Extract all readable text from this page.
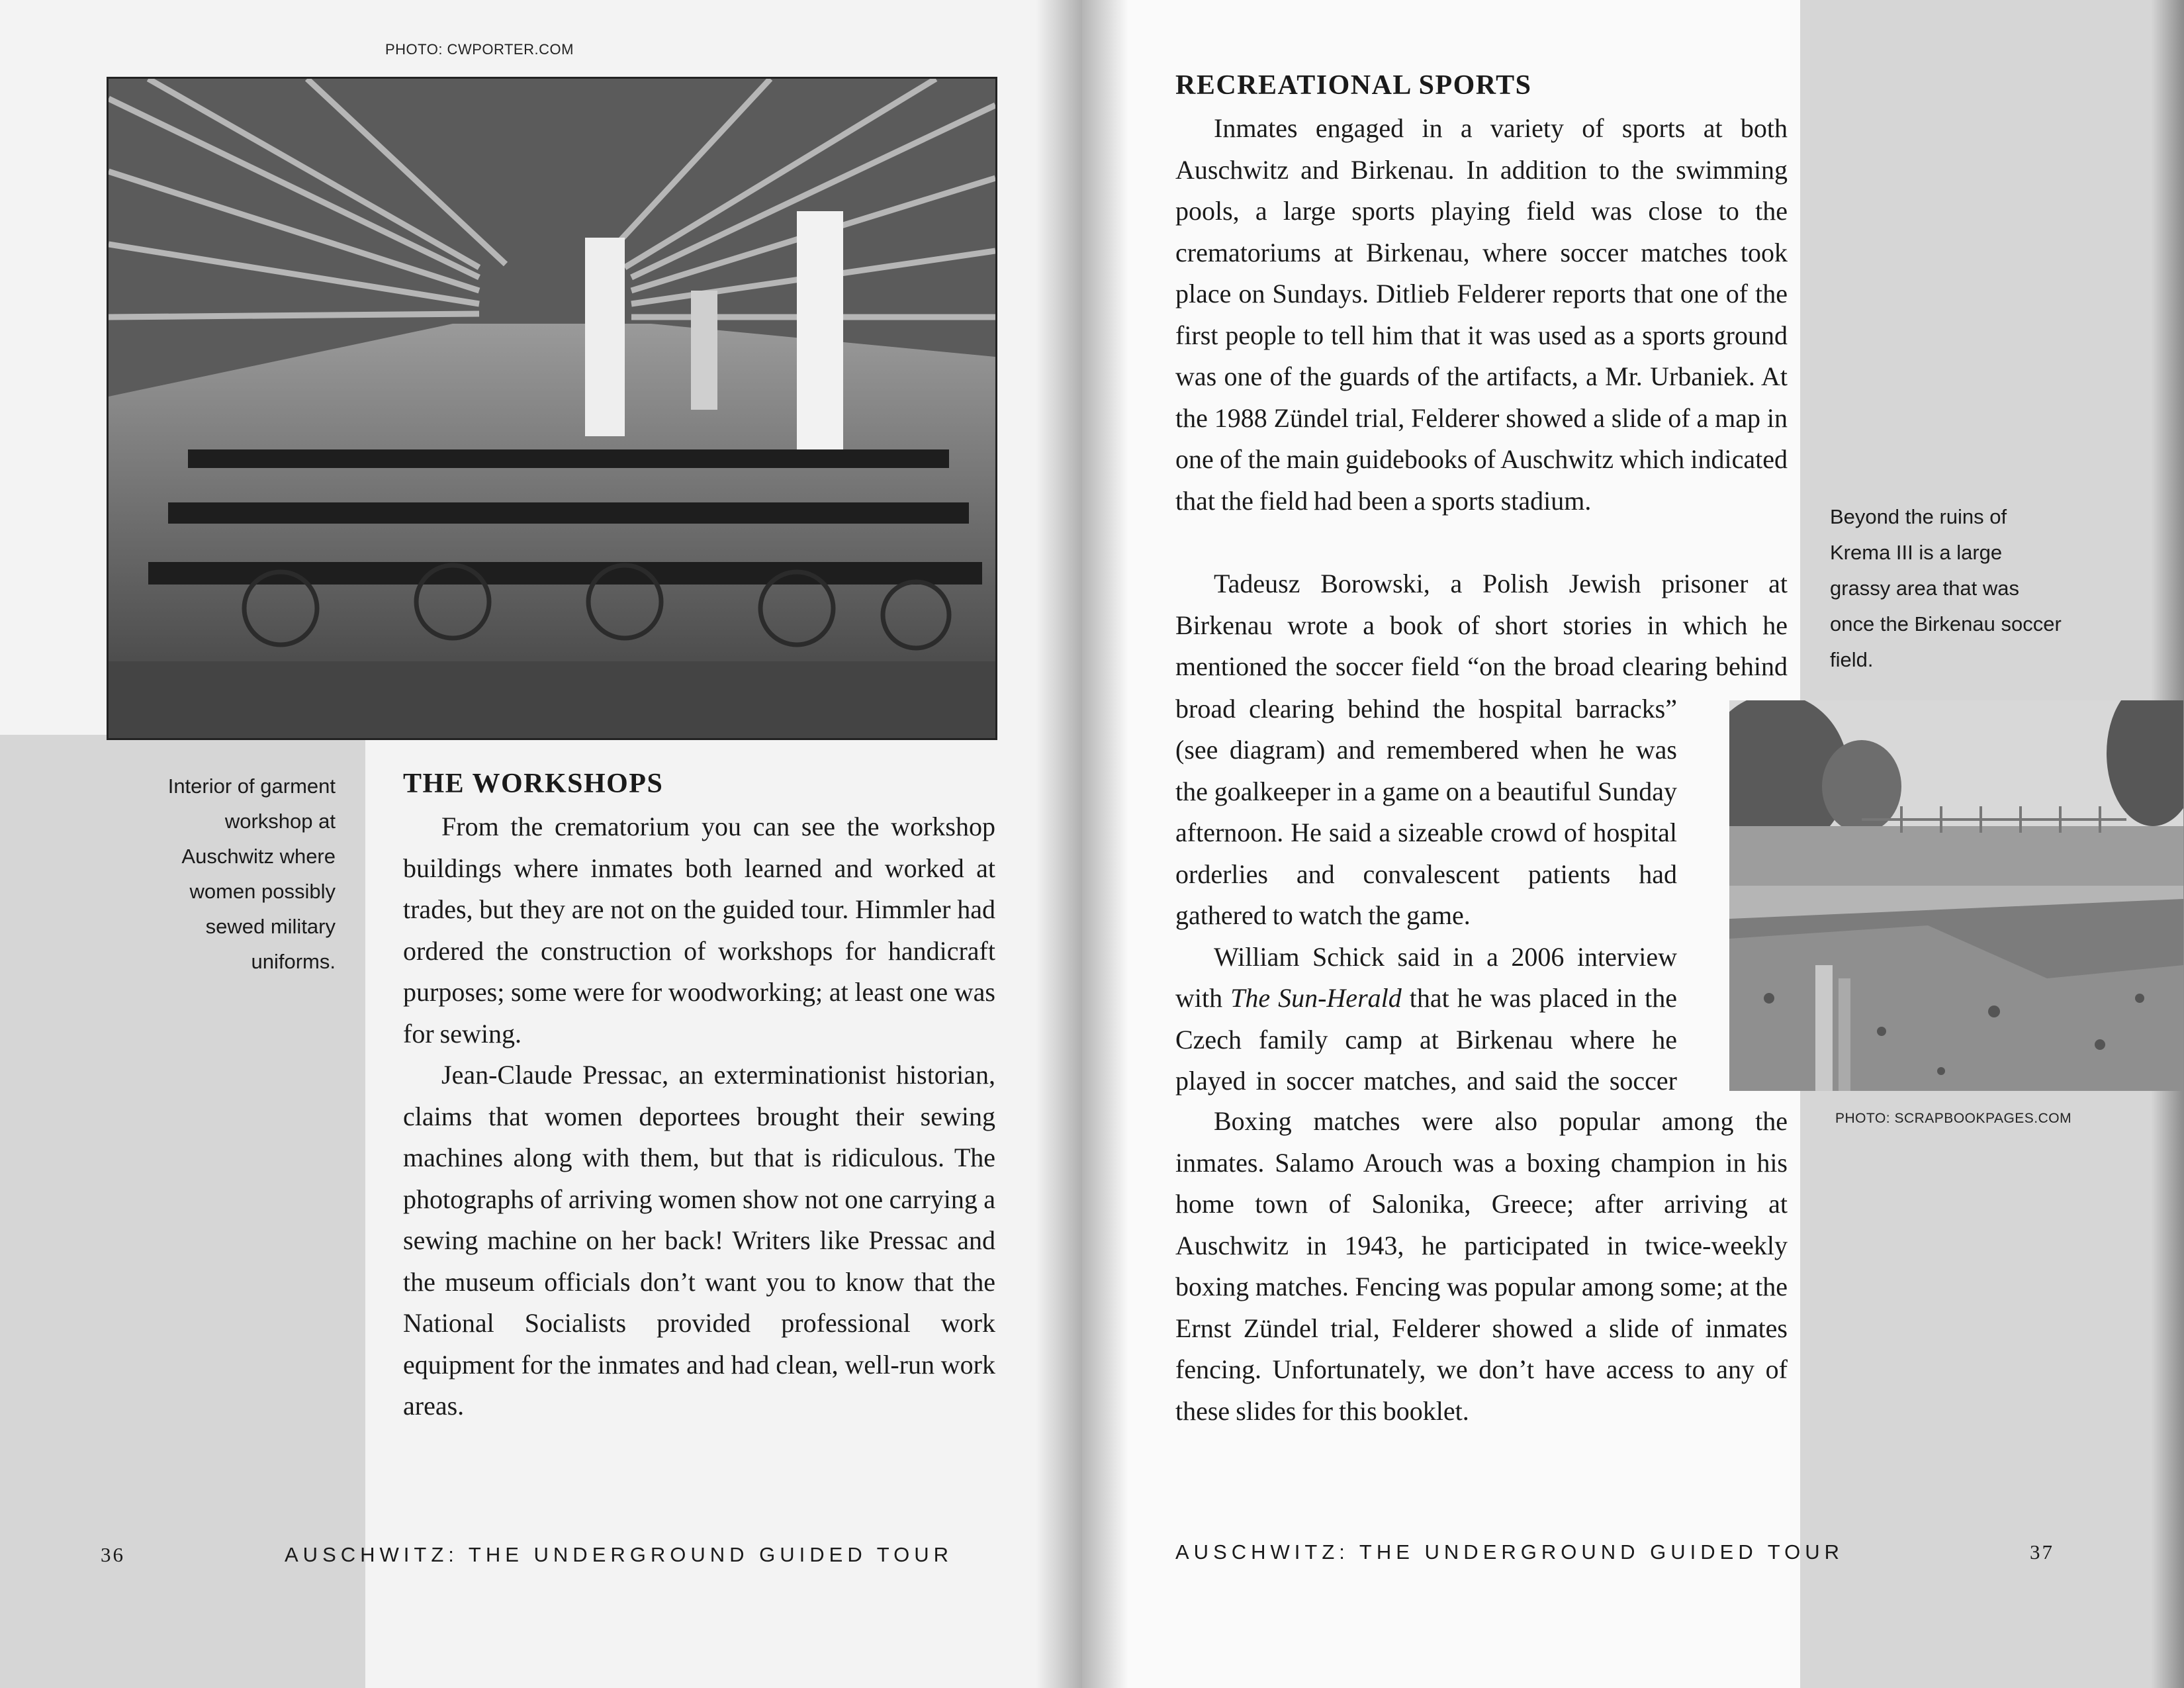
PHOTO: CWPORTER.COM
Interior of garment workshop at Auschwitz where women possibly sewed military uniforms.
THE WORKSHOPS

From the crematorium you can see the workshop buildings where inmates both learned and worked at trades, but they are not on the guided tour. Himmler had ordered the construction of workshops for handicraft purposes; some were for woodworking; at least one was for sewing.

Jean-Claude Pressac, an exterminationist historian, claims that women deportees brought their sewing machines along with them, but that is ridiculous. The photographs of arriving women show not one carrying a sewing machine on her back! Writers like Pressac and the museum officials don’t want you to know that the National Socialists provided professional work equipment for the inmates and had clean, well-run work areas.

36	AUSCHWITZ: THE UNDERGROUND GUIDED TOUR
RECREATIONAL SPORTS

Inmates engaged in a variety of sports at both Auschwitz and Birkenau. In addition to the swimming pools, a large sports playing field was close to the crematoriums at Birkenau, where soccer matches took place on Sundays. Ditlieb Felderer reports that one of the first people to tell him that it was used as a sports ground was one of the guards of the artifacts, a Mr. Urbaniek. At the 1988 Zündel trial, Felderer showed a slide of a map in one of the main guidebooks of Auschwitz which indicated that the field had been a sports stadium.

Tadeusz Borowski, a Polish Jewish prisoner at Birkenau wrote a book of short stories in which he mentioned the soccer field “on the broad clearing behind

broad clearing behind the hospital barracks” (see diagram) and remembered when he was the goalkeeper in a game on a beautiful Sunday afternoon. He said a sizeable crowd of hospital orderlies and convalescent patients had gathered to watch the game.

William Schick said in a 2006 interview with The Sun-Herald that he was placed in the Czech family camp at Birkenau where he played in soccer matches, and said the soccer

Boxing matches were also popular among the inmates. Salamo Arouch was a boxing champion in his home town of Salonika, Greece; after arriving at Auschwitz in 1943, he participated in twice-weekly boxing matches. Fencing was popular among some; at the Ernst Zündel trial, Felderer showed a slide of inmates fencing. Unfortunately, we don’t have access to any of these slides for this booklet.

Beyond the ruins of Krema III is a large grassy area that was once the Birkenau soccer field.
PHOTO: SCRAPBOOKPAGES.COM
AUSCHWITZ: THE UNDERGROUND GUIDED TOUR	37
